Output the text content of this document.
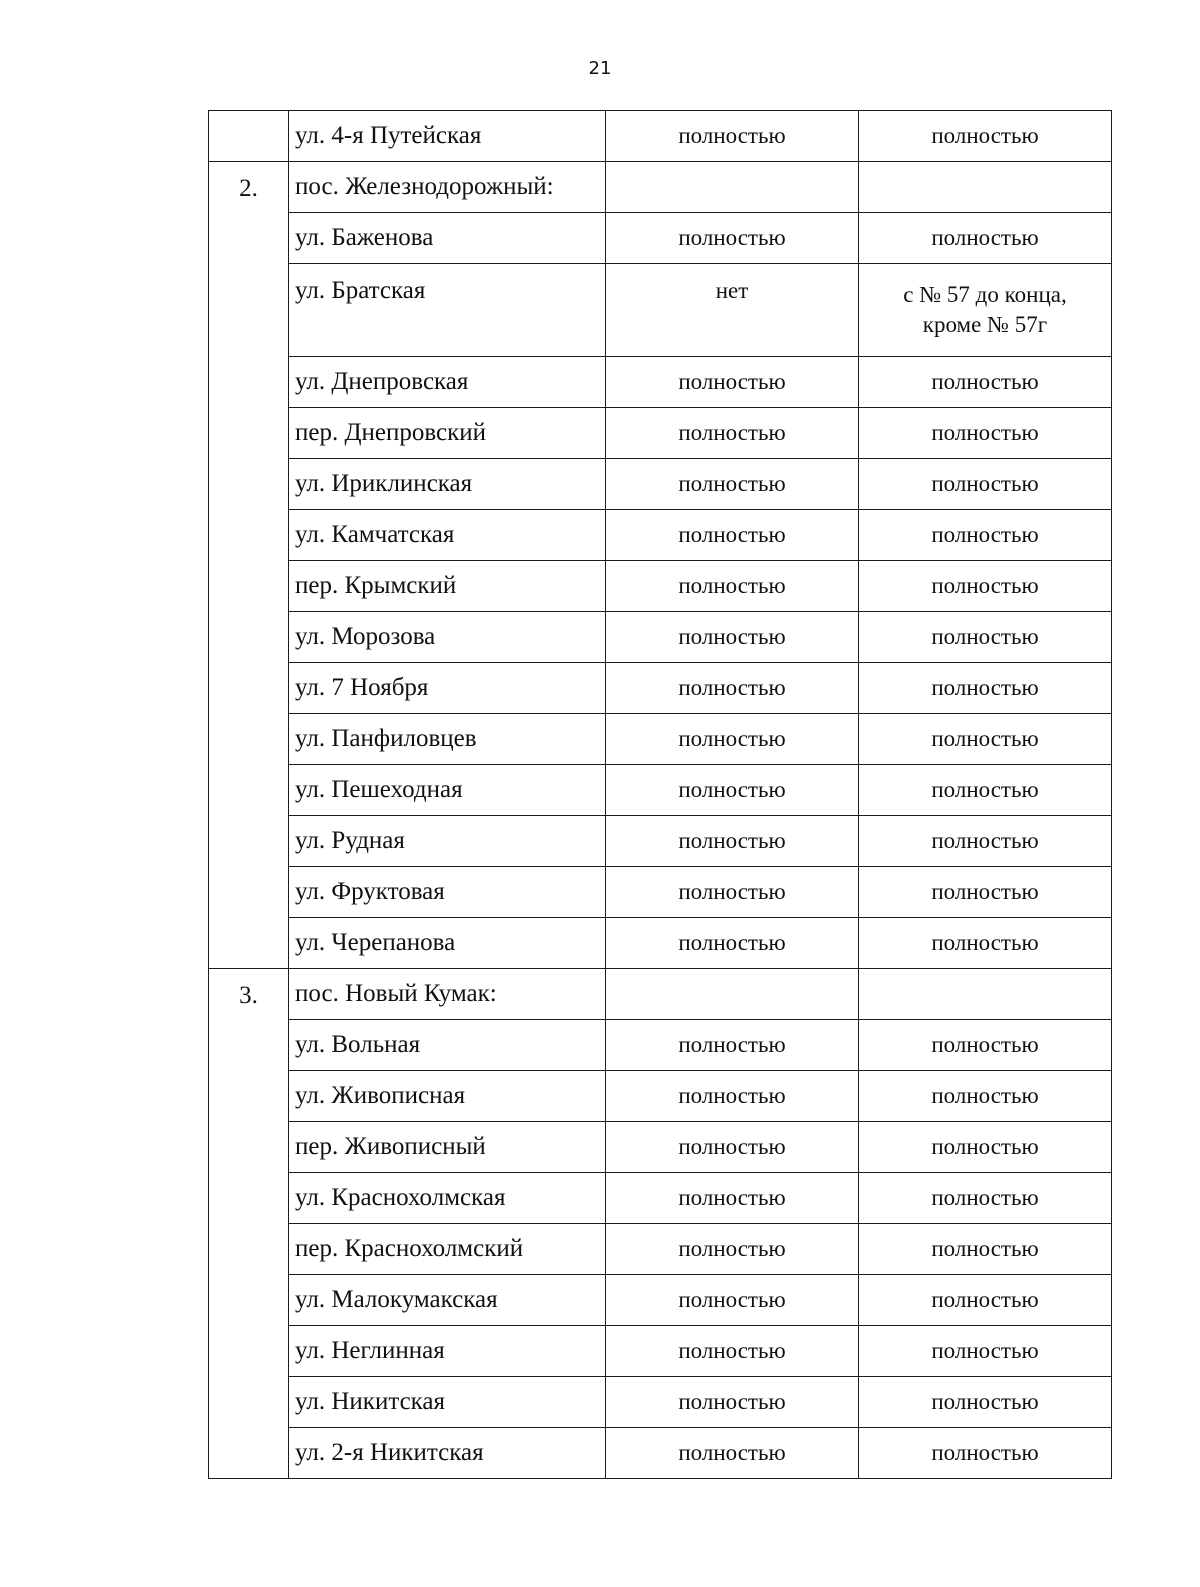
21
	ул. 4-я Путейская	полностью	полностью

2.	пос. Железнодорожный:		

	ул. Баженова	полностью	полностью

	ул. Братская	нет	с № 57 до конца,
кроме № 57г

	ул. Днепровская	полностью	полностью

	пер. Днепровский	полностью	полностью

	ул. Ириклинская	полностью	полностью

	ул. Камчатская	полностью	полностью

	пер. Крымский	полностью	полностью

	ул. Морозова	полностью	полностью

	ул. 7 Ноября	полностью	полностью

	ул. Панфиловцев	полностью	полностью

	ул. Пешеходная	полностью	полностью

	ул. Рудная	полностью	полностью

	ул. Фруктовая	полностью	полностью

	ул. Черепанова	полностью	полностью

3.	пос. Новый Кумак:		

	ул. Вольная	полностью	полностью

	ул. Живописная	полностью	полностью

	пер. Живописный	полностью	полностью

	ул. Краснохолмская	полностью	полностью

	пер. Краснохолмский	полностью	полностью

	ул. Малокумакская	полностью	полностью

	ул. Неглинная	полностью	полностью

	ул. Никитская	полностью	полностью

	ул. 2-я Никитская	полностью	полностью
